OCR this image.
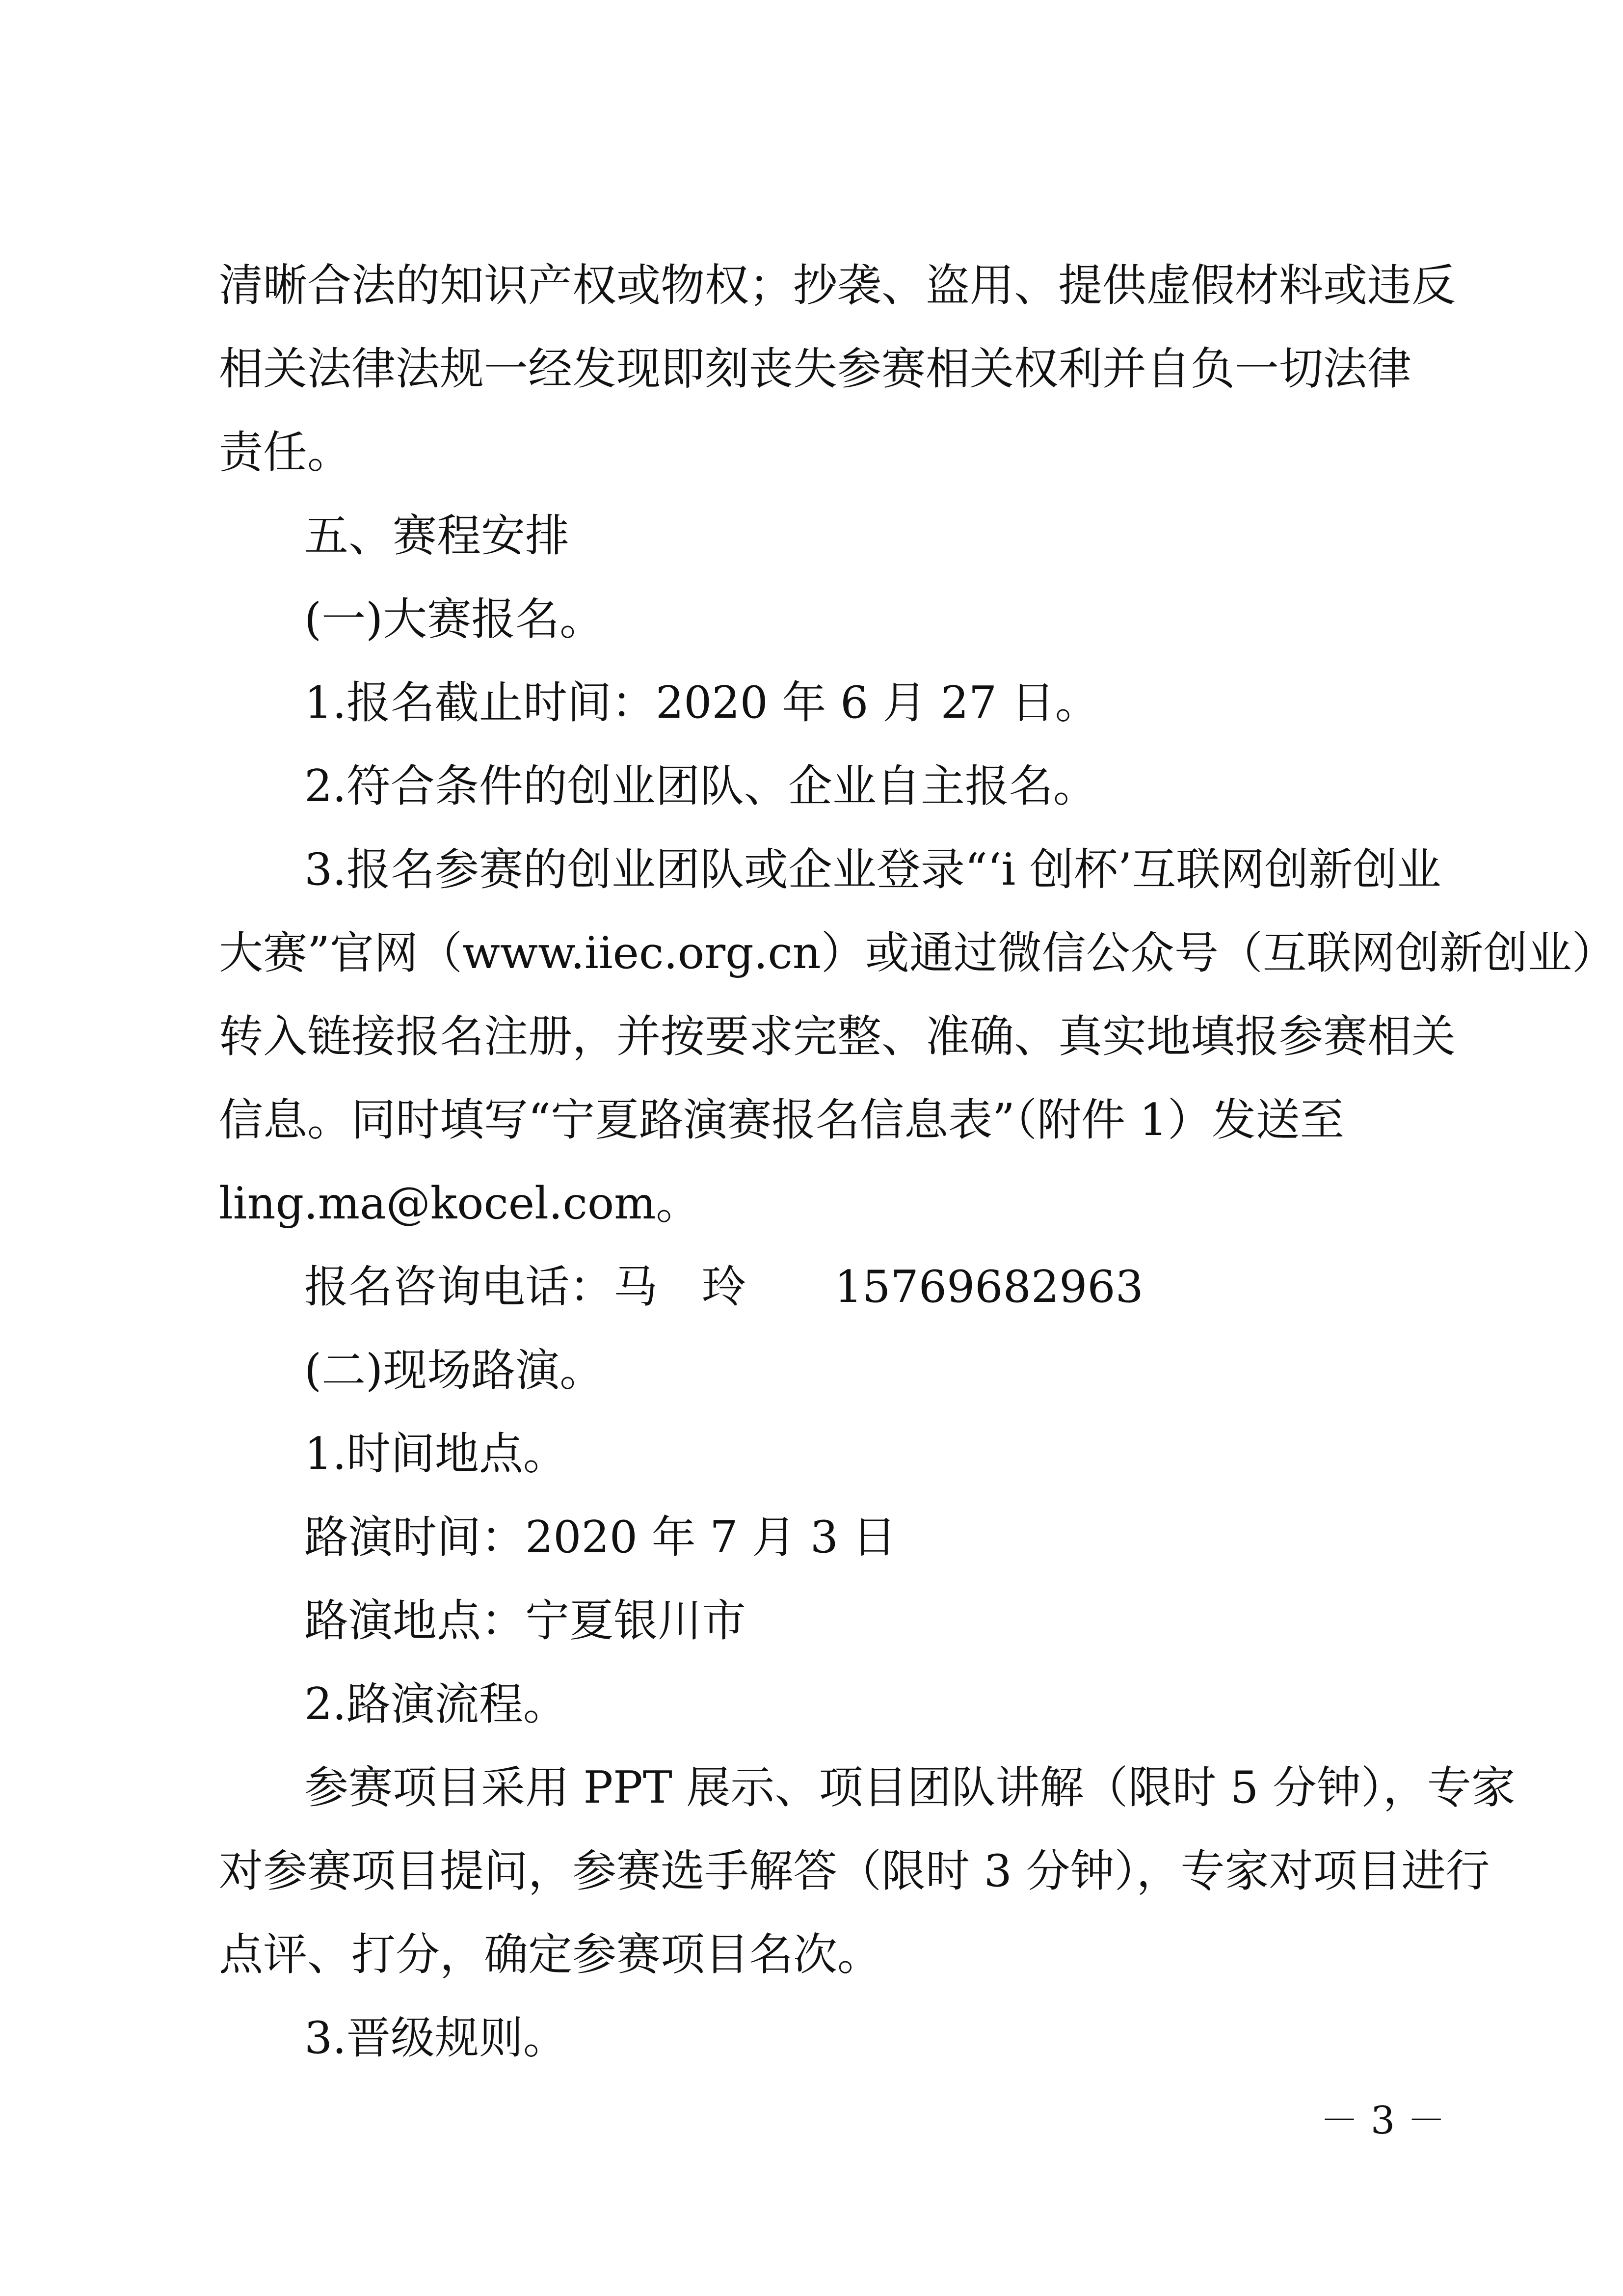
清晰合法的知识产权或物权；抄袭、盗用、提供虚假材料或违反
相关法律法规一经发现即刻丧失参赛相关权利并自负一切法律
责任。
五、赛程安排
(一)大赛报名。
1.报名截止时间：2020 年 6 月 27 日。
2.符合条件的创业团队、企业自主报名。
3.报名参赛的创业团队或企业登录“‘i 创杯’互联网创新创业
大赛”官网（www.iiec.org.cn）或通过微信公众号（互联网创新创业）
转入链接报名注册，并按要求完整、准确、真实地填报参赛相关
信息。同时填写“宁夏路演赛报名信息表”（附件 1）发送至
ling.ma@kocel.com。
报名咨询电话：马　玲　　15769682963
(二)现场路演。
1.时间地点。
路演时间：2020 年 7 月 3 日
路演地点：宁夏银川市
2.路演流程。
参赛项目采用 PPT 展示、项目团队讲解（限时 5 分钟），专家
对参赛项目提问，参赛选手解答（限时 3 分钟），专家对项目进行
点评、打分，确定参赛项目名次。
3.晋级规则。
－ 3 －
